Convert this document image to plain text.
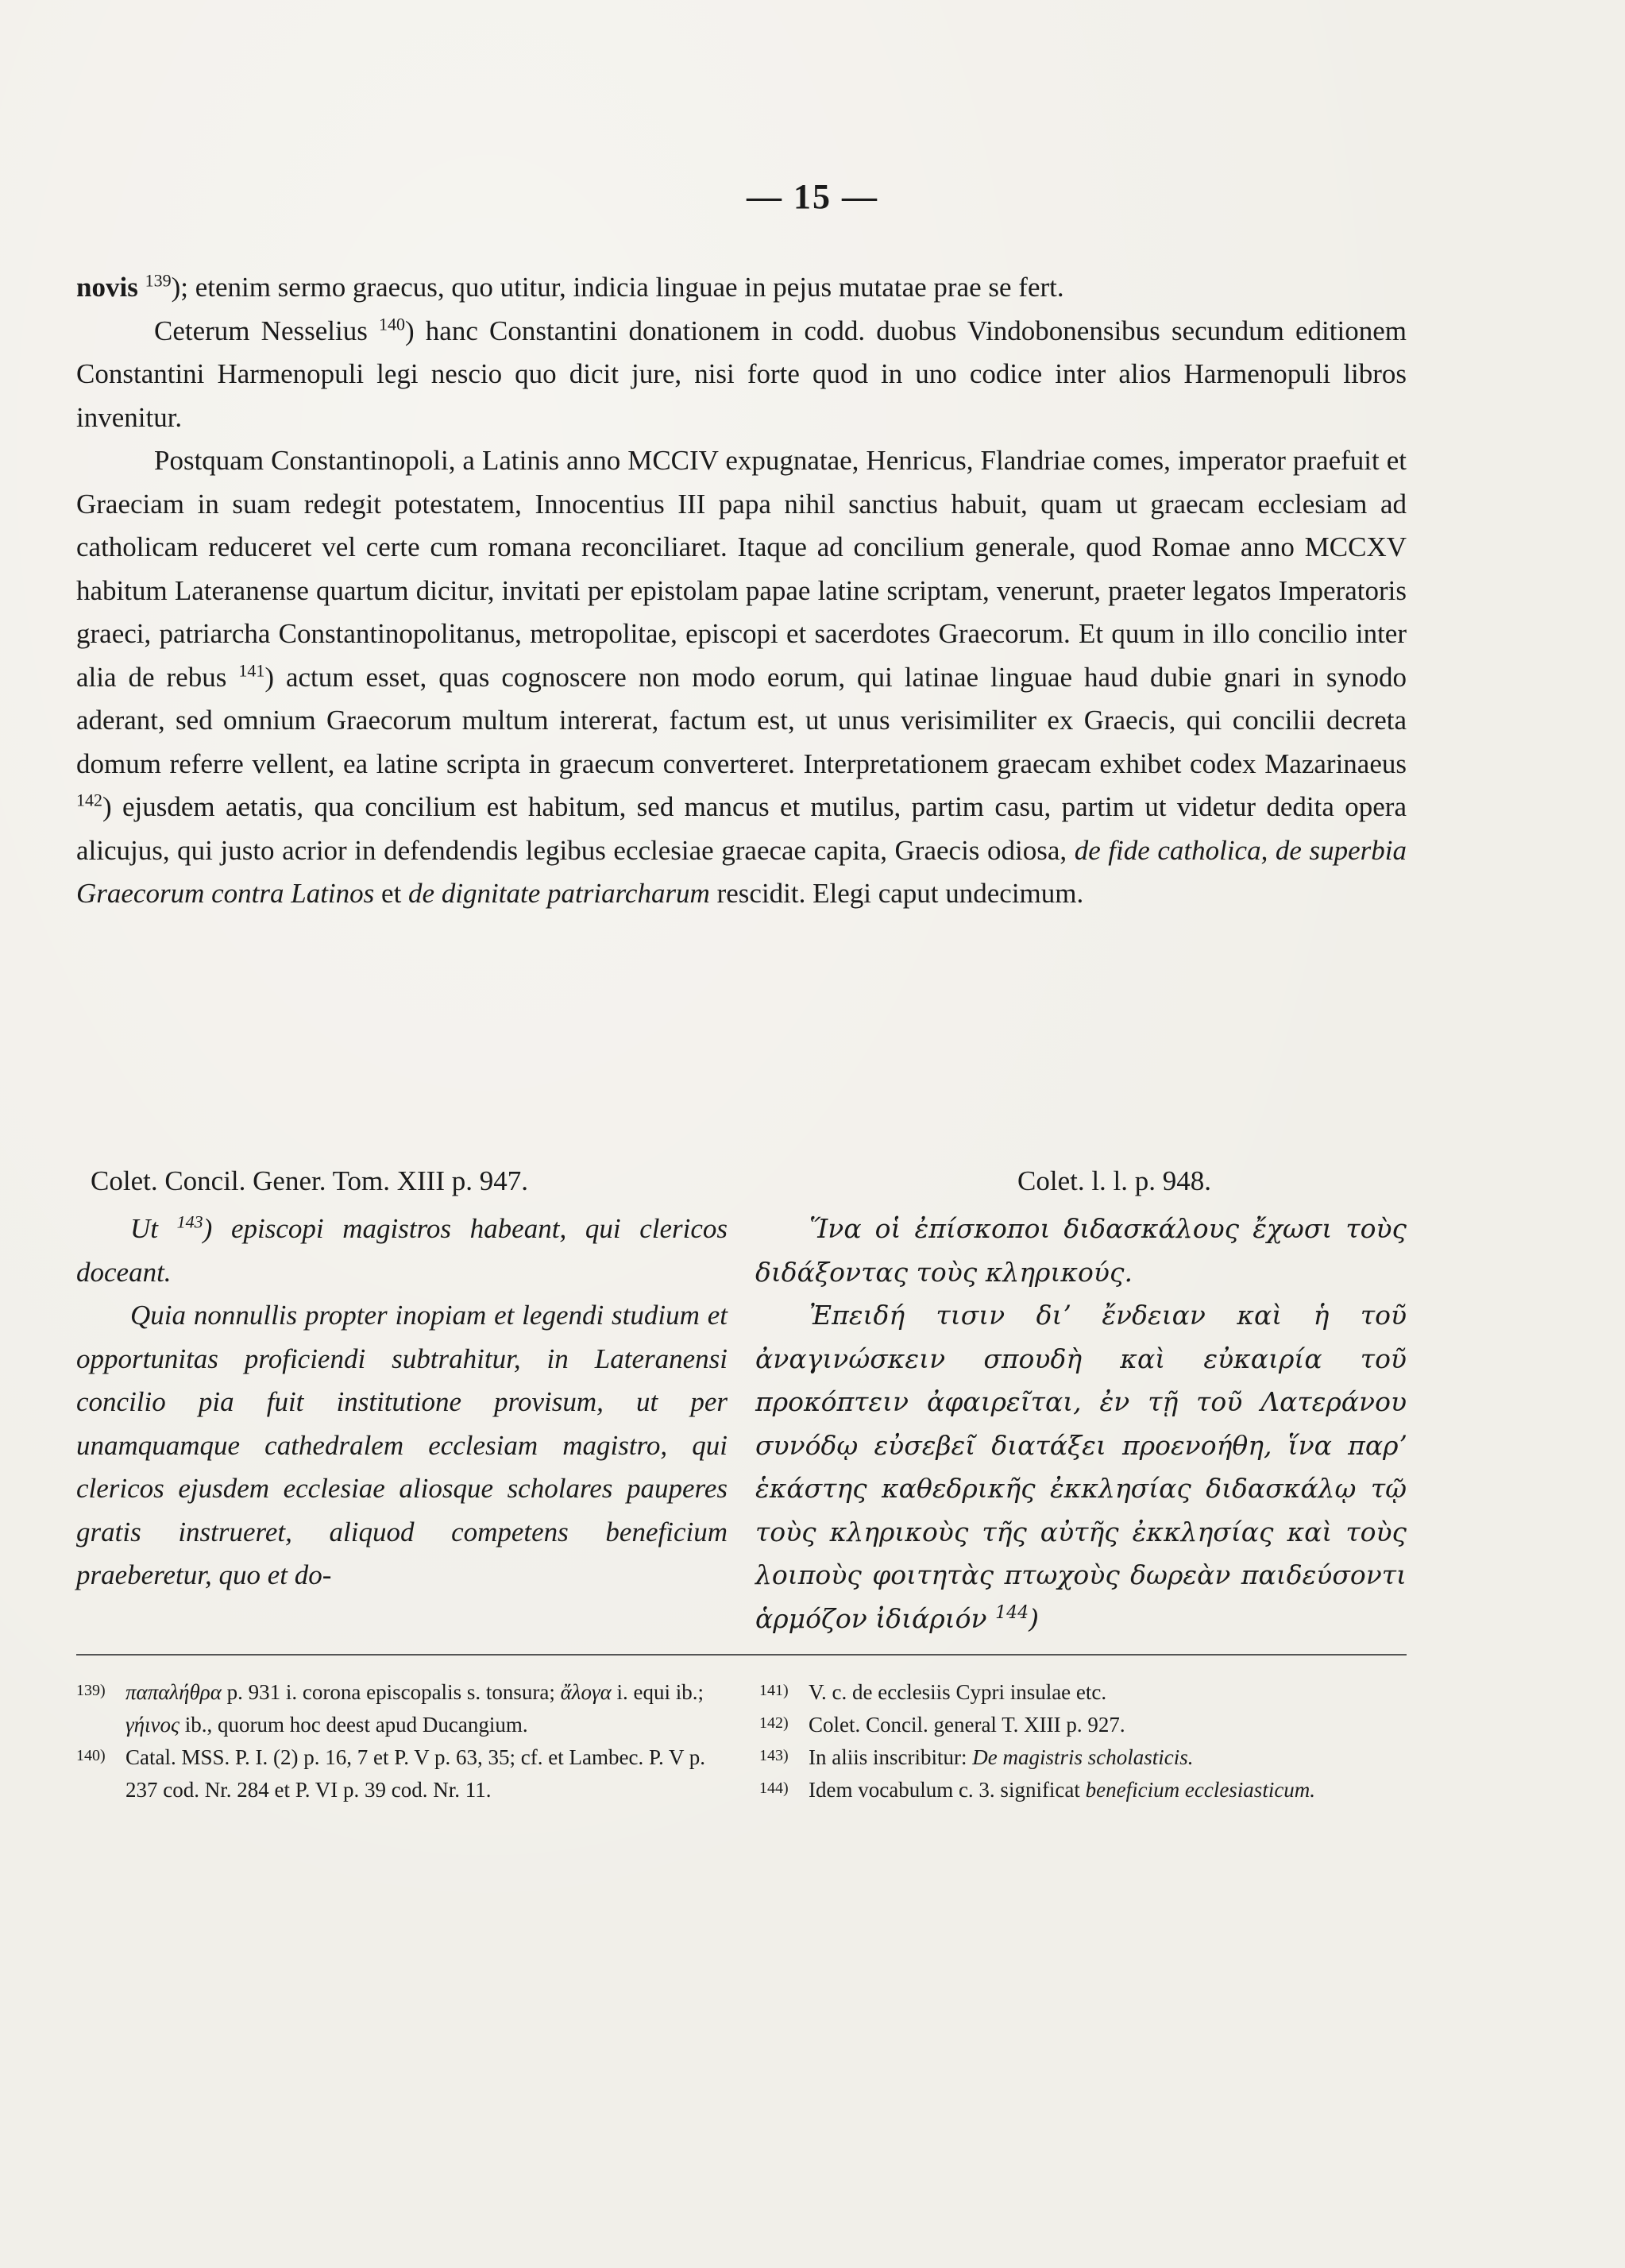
— 15 —

novis $^{139}$); etenim sermo graecus, quo utitur, indicia linguae in pejus mutatae prae se fert.

Ceterum Nesselius $^{140}$) hanc Constantini donationem in codd. duobus Vindobonensibus secundum editionem Constantini Harmenopuli legi nescio quo dicit jure, nisi forte quod in uno codice inter alios Harmenopuli libros invenitur.

Postquam Constantinopoli, a Latinis anno MCCIV expugnatae, Henricus, Flandriae comes, imperator praefuit et Graeciam in suam redegit potestatem, Innocentius III papa nihil sanctius habuit, quam ut graecam ecclesiam ad catholicam reduceret vel certe cum romana reconciliaret. Itaque ad concilium generale, quod Romae anno MCCXV habitum Lateranense quartum dicitur, invitati per epistolam papae latine scriptam, venerunt, praeter legatos Imperatoris graeci, patriarcha Constantinopolitanus, metropolitae, episcopi et sacerdotes Graecorum. Et quum in illo concilio inter alia de rebus $^{141}$) actum esset, quas cognoscere non modo eorum, qui latinae linguae haud dubie gnari in synodo aderant, sed omnium Graecorum multum intererat, factum est, ut unus verisimiliter ex Graecis, qui concilii decreta domum referre vellent, ea latine scripta in graecum converteret. Interpretationem graecam exhibet codex Mazarinaeus $^{142}$) ejusdem aetatis, qua concilium est habitum, sed mancus et mutilus, partim casu, partim ut videtur dedita opera alicujus, qui justo acrior in defendendis legibus ecclesiae graecae capita, Graecis odiosa, de fide catholica, de superbia Graecorum contra Latinos et de dignitate patriarcharum rescidit. Elegi caput undecimum.

Colet. Concil. Gener. Tom. XIII p. 947.

Ut $^{143}$) episcopi magistros habeant, qui clericos doceant.

Quia nonnullis propter inopiam et legendi studium et opportunitas proficiendi subtrahitur, in Lateranensi concilio pia fuit institutione provisum, ut per unamquamque cathedralem ecclesiam magistro, qui clericos ejusdem ecclesiae aliosque scholares pauperes gratis instrueret, aliquod competens beneficium praeberetur, quo et do-

Colet. l. l. p. 948.

Ἵνα οἱ ἐπίσκοποι διδασκάλους ἔχωσι τοὺς διδάξοντας τοὺς κληρικούς.

Ἐπειδή τισιν διʼ ἔνδειαν καὶ ἡ τοῦ ἀναγινώσκειν σπουδὴ καὶ εὐκαιρία τοῦ προκόπτειν ἀφαιρεῖται, ἐν τῇ τοῦ Λατεράνου συνόδῳ εὐσεβεῖ διατάξει προενοήθη, ἵνα παρʼ ἑκάστης καθεδρικῆς ἐκκλησίας διδασκάλῳ τῷ τοὺς κληρικοὺς τῆς αὐτῆς ἐκκλησίας καὶ τοὺς λοιποὺς φοιτητὰς πτωχοὺς δωρεὰν παιδεύσοντι ἁρμόζον ἰδιάριόν $^{144}$)

139) παπαλήθρα p. 931 i. corona episcopalis s. tonsura; ἄλογα i. equi ib.; γήινος ib., quorum hoc deest apud Ducangium.

140) Catal. MSS. P. I. (2) p. 16, 7 et P. V p. 63, 35; cf. et Lambec. P. V p. 237 cod. Nr. 284 et P. VI p. 39 cod. Nr. 11.

141) V. c. de ecclesiis Cypri insulae etc.

142) Colet. Concil. general T. XIII p. 927.

143) In aliis inscribitur: De magistris scholasticis.

144) Idem vocabulum c. 3. significat beneficium ecclesiasticum.
